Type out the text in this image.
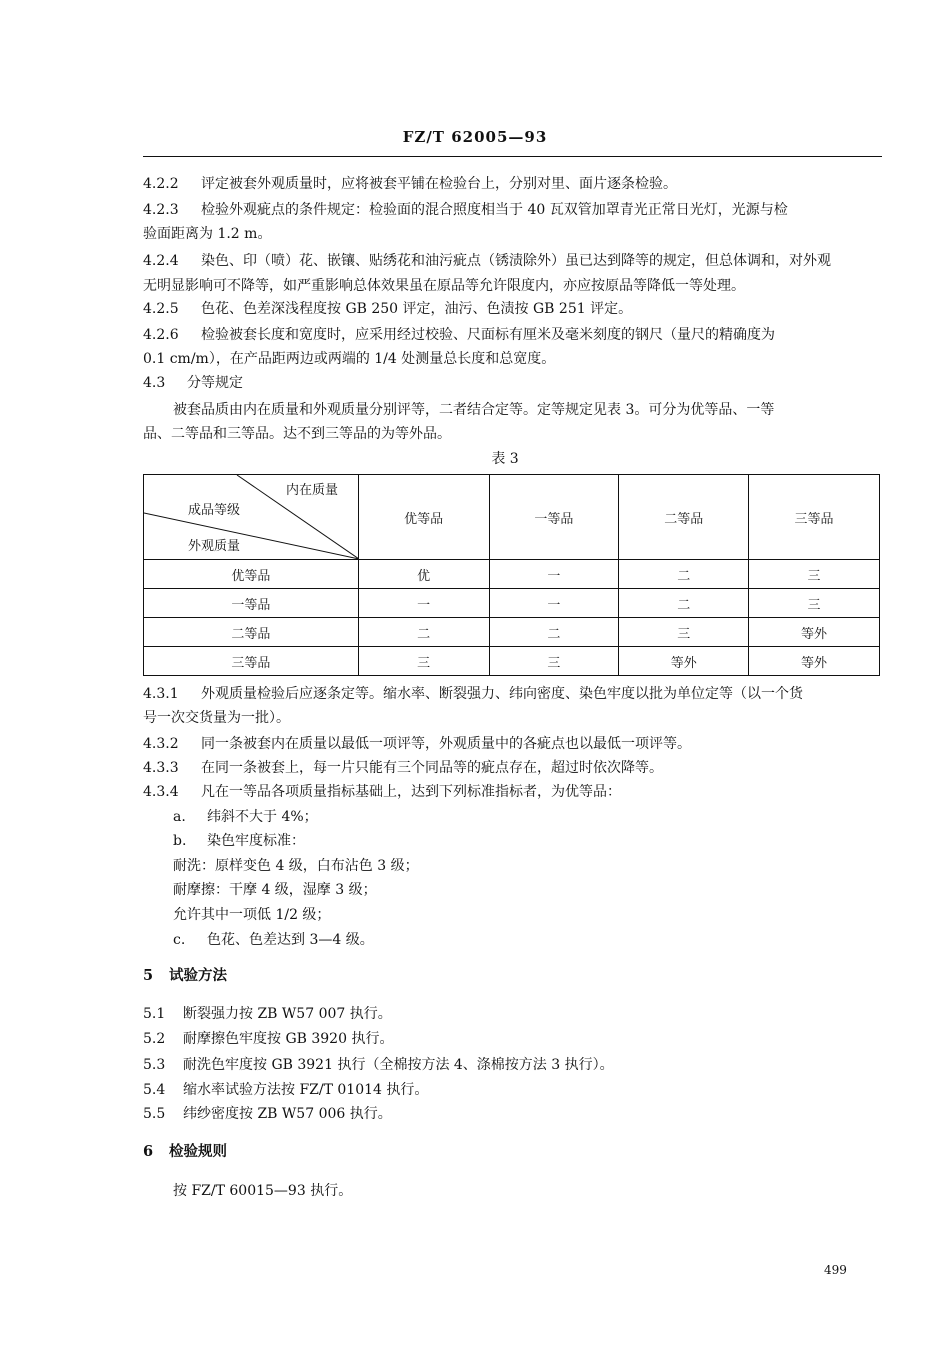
FZ/T 62005—93
4.2.2 评定被套外观质量时，应将被套平铺在检验台上，分别对里、面片逐条检验。
4.2.3 检验外观疵点的条件规定：检验面的混合照度相当于 40 瓦双管加罩青光正常日光灯，光源与检
验面距离为 1.2 m。
4.2.4 染色、印（喷）花、嵌镶、贴绣花和油污疵点（锈渍除外）虽已达到降等的规定，但总体调和，对外观
无明显影响可不降等，如严重影响总体效果虽在原品等允许限度内，亦应按原品等降低一等处理。
4.2.5 色花、色差深浅程度按 GB 250 评定，油污、色渍按 GB 251 评定。
4.2.6 检验被套长度和宽度时，应采用经过校验、尺面标有厘米及毫米刻度的钢尺（量尺的精确度为
0.1 cm/m），在产品距两边或两端的 1/4 处测量总长度和总宽度。
4.3 分等规定
被套品质由内在质量和外观质量分别评等，二者结合定等。定等规定见表 3。可分为优等品、一等
品、二等品和三等品。达不到三等品的为等外品。
表 3
内在质量
成品等级
外观质量	优等品	一等品	二等品	三等品
优等品	优	一	二	三
一等品	一	一	二	三
二等品	二	二	三	等外
三等品	三	三	等外	等外
4.3.1 外观质量检验后应逐条定等。缩水率、断裂强力、纬向密度、染色牢度以批为单位定等（以一个货
号一次交货量为一批）。
4.3.2 同一条被套内在质量以最低一项评等，外观质量中的各疵点也以最低一项评等。
4.3.3 在同一条被套上，每一片只能有三个同品等的疵点存在，超过时依次降等。
4.3.4 凡在一等品各项质量指标基础上，达到下列标准指标者，为优等品：
a. 纬斜不大于 4%；
b. 染色牢度标准：
耐洗：原样变色 4 级，白布沾色 3 级；
耐摩擦：干摩 4 级，湿摩 3 级；
允许其中一项低 1/2 级；
c. 色花、色差达到 3—4 级。
5 试验方法
5.1 断裂强力按 ZB W57 007 执行。
5.2 耐摩擦色牢度按 GB 3920 执行。
5.3 耐洗色牢度按 GB 3921 执行（全棉按方法 4、涤棉按方法 3 执行）。
5.4 缩水率试验方法按 FZ/T 01014 执行。
5.5 纬纱密度按 ZB W57 006 执行。
6 检验规则
按 FZ/T 60015—93 执行。
499
